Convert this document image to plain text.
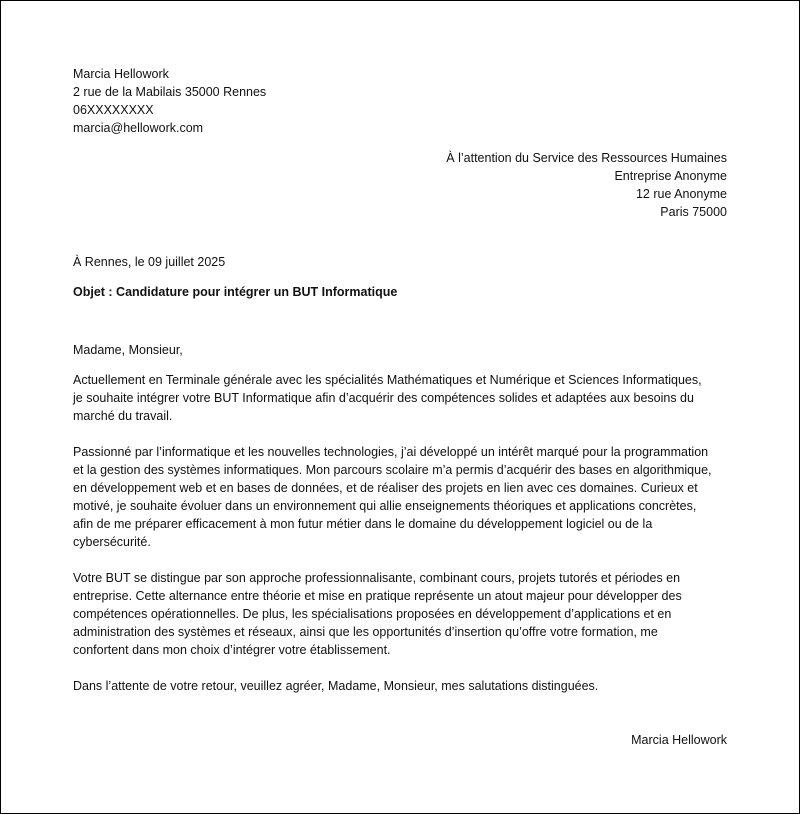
Marcia Hellowork
2 rue de la Mabilais 35000 Rennes
06XXXXXXXX
marcia@hellowork.com
À l’attention du Service des Ressources Humaines
Entreprise Anonyme
12 rue Anonyme
Paris 75000
À Rennes, le 09 juillet 2025
Objet : Candidature pour intégrer un BUT Informatique
Madame, Monsieur,

Actuellement en Terminale générale avec les spécialités Mathématiques et Numérique et Sciences Informatiques,

je souhaite intégrer votre BUT Informatique afin d’acquérir des compétences solides et adaptées aux besoins du

marché du travail.

Passionné par l’informatique et les nouvelles technologies, j’ai développé un intérêt marqué pour la programmation

et la gestion des systèmes informatiques. Mon parcours scolaire m’a permis d’acquérir des bases en algorithmique,

en développement web et en bases de données, et de réaliser des projets en lien avec ces domaines. Curieux et

motivé, je souhaite évoluer dans un environnement qui allie enseignements théoriques et applications concrètes,

afin de me préparer efficacement à mon futur métier dans le domaine du développement logiciel ou de la

cybersécurité.

Votre BUT se distingue par son approche professionnalisante, combinant cours, projets tutorés et périodes en

entreprise. Cette alternance entre théorie et mise en pratique représente un atout majeur pour développer des

compétences opérationnelles. De plus, les spécialisations proposées en développement d’applications et en

administration des systèmes et réseaux, ainsi que les opportunités d’insertion qu’offre votre formation, me

confortent dans mon choix d’intégrer votre établissement.

Dans l’attente de votre retour, veuillez agréer, Madame, Monsieur, mes salutations distinguées.

Marcia Hellowork
